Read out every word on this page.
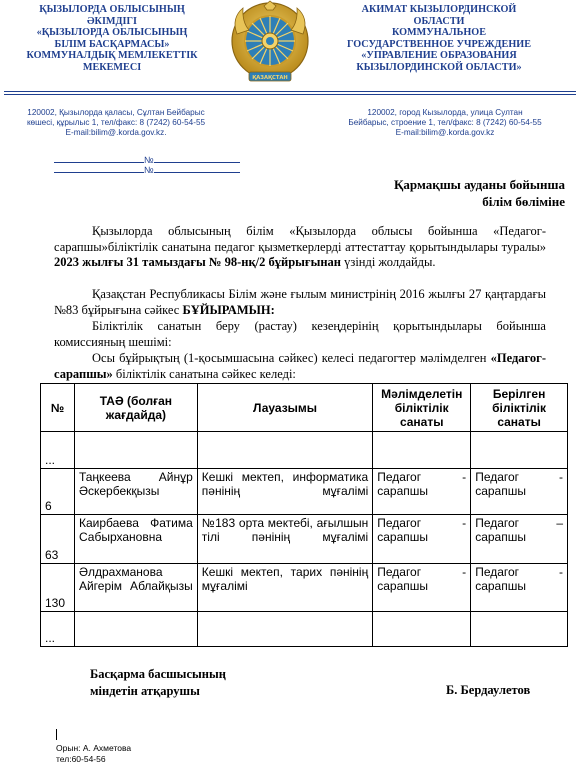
ҚЫЗЫЛОРДА ОБЛЫСЫНЫҢ
ӘКІМДІГІ
«ҚЫЗЫЛОРДА ОБЛЫСЫНЫҢ
БІЛІМ БАСҚАРМАСЫ»
КОММУНАЛДЫҚ МЕМЛЕКЕТТІК
МЕКЕМЕСІ
ҚАЗАҚСТАН
АКИМАТ КЫЗЫЛОРДИНСКОЙ
ОБЛАСТИ
КОММУНАЛЬНОЕ
ГОСУДАРСТВЕННОЕ УЧРЕЖДЕНИЕ
«УПРАВЛЕНИЕ ОБРАЗОВАНИЯ
КЫЗЫЛОРДИНСКОЙ ОБЛАСТИ»
120002, Қызылорда қаласы, Сұлтан Бейбарыс
көшесі, құрылыс 1, тел/факс: 8 (7242) 60-54-55
E-mail:bilim@.korda.gov.kz.
120002, город Кызылорда, улица Султан
Бейбарыс, строение 1, тел/факс: 8 (7242) 60-54-55
E-mail:bilim@.korda.gov.kz
№
№
Қармақшы ауданы бойынша
білім бөліміне
Қызылорда облысының білім «Қызылорда облысы бойынша «Педагог-сарапшы»біліктілік санатына педагог қызметкерлерді аттестаттау қорытындылары туралы» 2023 жылғы 31 тамыздағы № 98-нқ/2 бұйрығынан үзінді жолдайды.
Қазақстан Республикасы Білім және ғылым министрінің 2016 жылғы 27 қаңтардағы №83 бұйрығына сәйкес БҰЙЫРАМЫН:
Біліктілік санатын беру (растау) кезеңдерінің қорытындылары бойынша комиссияның шешімі:
Осы бұйрықтың (1-қосымшасына сәйкес) келесі педагогтер мәлімделген «Педагог-сарапшы» біліктілік санатына сәйкес келеді:
№	ТАӘ (болған жағдайда)	Лауазымы	Мәлімделетін біліктілік санаты	Берілген біліктілік санаты
...				
6	Таңкеева Айнұр Әскербекқызы	Кешкі мектеп, информатика пәнінің мұғалімі	Педагог - сарапшы	Педагог - сарапшы
63	Каирбаева Фатима Сабырхановна	№183 орта мектебі, ағылшын тілі пәнінің мұғалімі	Педагог - сарапшы	Педагог – сарапшы
130	Әлдрахманова Айгерім Аблайқызы	Кешкі мектеп, тарих пәнінің мұғалімі	Педагог - сарапшы	Педагог - сарапшы
...				
Басқарма басшысының
міндетін атқарушы	Б. Бердаулетов
Орын: А. Ахметова
тел:60-54-56
